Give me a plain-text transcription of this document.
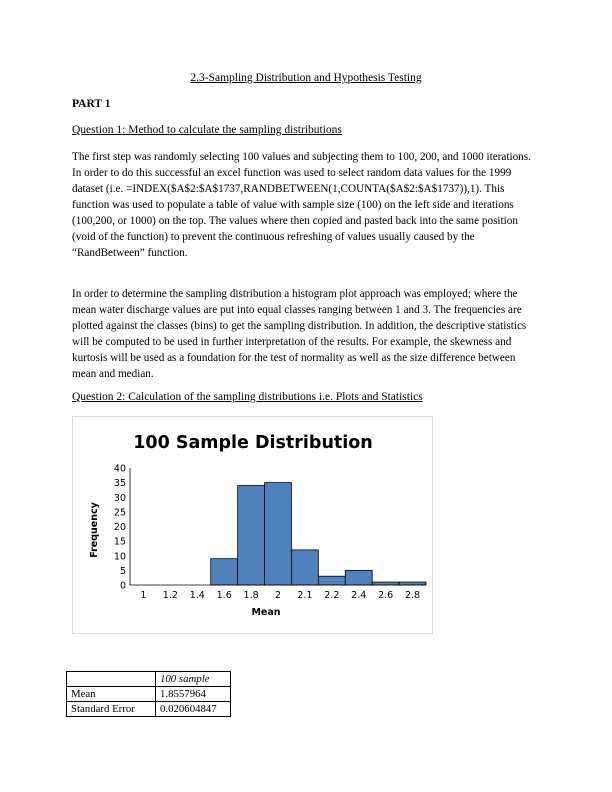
2.3-Sampling Distribution and Hypothesis Testing
PART 1
Question 1: Method to calculate the sampling distributions

The first step was randomly selecting 100 values and subjecting them to 100, 200, and 1000 iterations. In order to do this successful an excel function was used to select random data values for the 1999 dataset (i.e. =INDEX($A$2:$A$1737,RANDBETWEEN(1,COUNTA($A$2:$A$1737)),1). This function was used to populate a table of value with sample size (100) on the left side and iterations (100,200, or 1000) on the top. The values where then copied and pasted back into the same position (void of the function) to prevent the continuous refreshing of values usually caused by the “RandBetween” function.

In order to determine the sampling distribution a histogram plot approach was employed; where the mean water discharge values are put into equal classes ranging between 1 and 3. The frequencies are plotted against the classes (bins) to get the sampling distribution. In addition, the descriptive statistics will be computed to be used in further interpretation of the results. For example, the skewness and kurtosis will be used as a foundation for the test of normality as well as the size difference between mean and median.

Question 2: Calculation of the sampling distributions i.e. Plots and Statistics
100 Sample Distribution
Frequency
Mean
0
5
10
15
20
25
30
35
40
1 1.2 1.4 1.6 1.8 2 2.1 2.2 2.4 2.6 2.8
	100 sample
Mean	1.8557964
Standard Error	0.020604847
